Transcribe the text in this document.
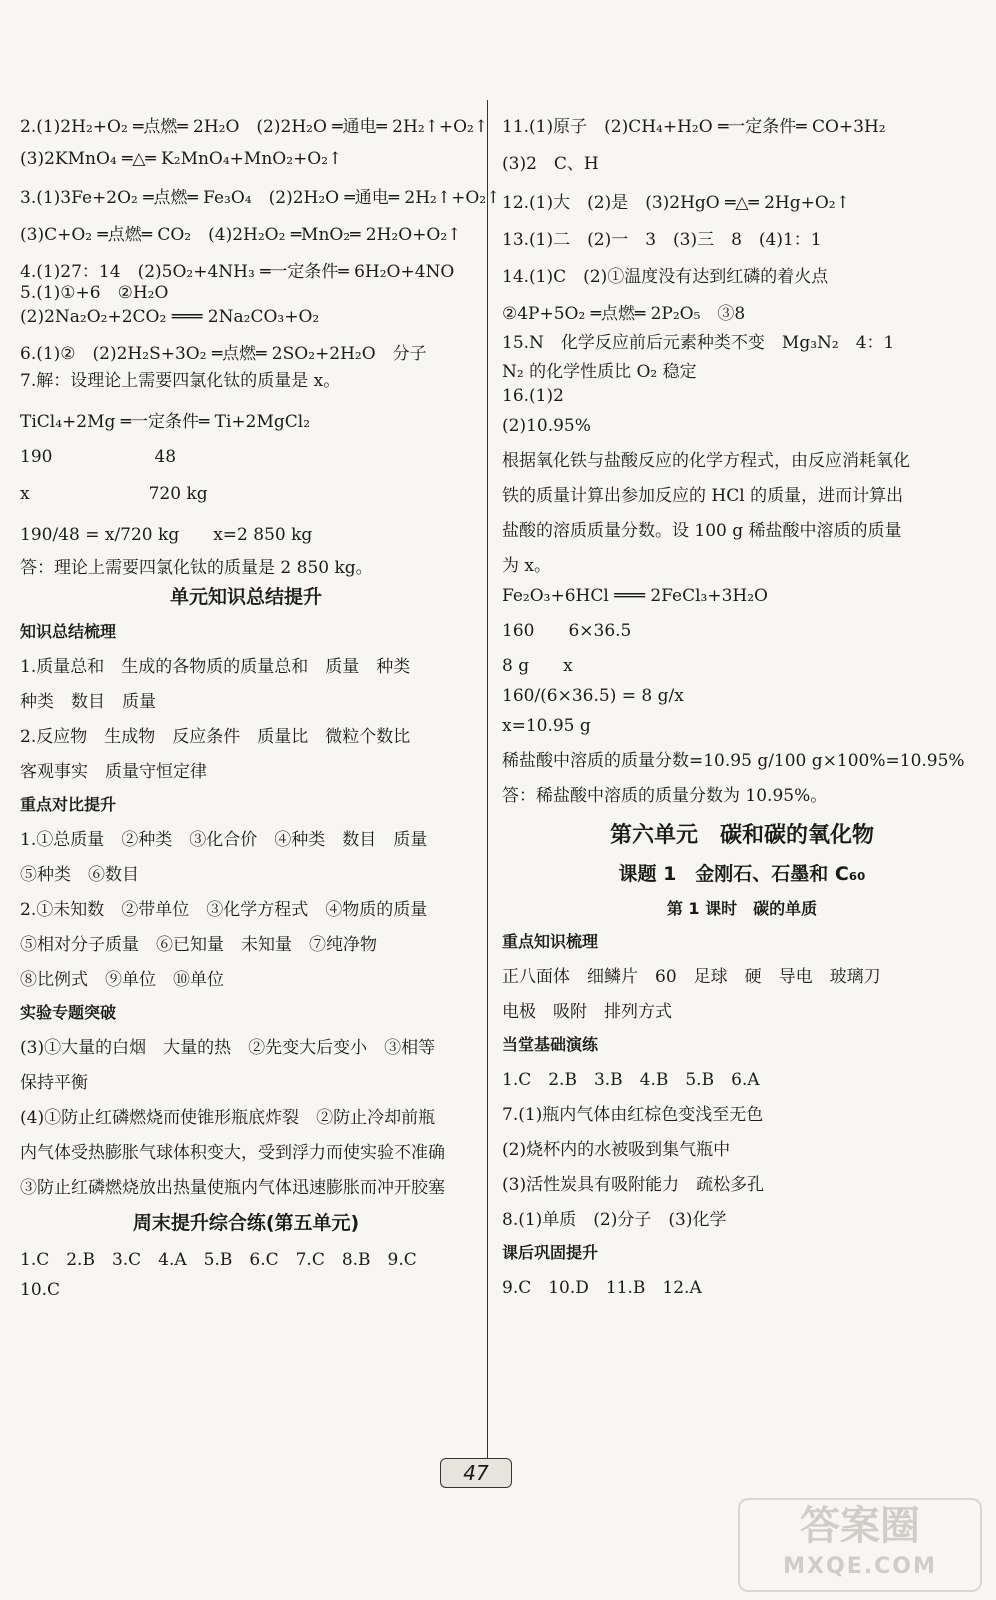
2.(1)2H₂+O₂ ═点燃═ 2H₂O　(2)2H₂O ═通电═ 2H₂↑+O₂↑
(3)2KMnO₄ ═△═ K₂MnO₄+MnO₂+O₂↑
3.(1)3Fe+2O₂ ═点燃═ Fe₃O₄　(2)2H₂O ═通电═ 2H₂↑+O₂↑
(3)C+O₂ ═点燃═ CO₂　(4)2H₂O₂ ═MnO₂═ 2H₂O+O₂↑
4.(1)27：14　(2)5O₂+4NH₃ ═一定条件═ 6H₂O+4NO
5.(1)①+6　②H₂O
(2)2Na₂O₂+2CO₂ ═══ 2Na₂CO₃+O₂
6.(1)②　(2)2H₂S+3O₂ ═点燃═ 2SO₂+2H₂O　分子
7.解：设理论上需要四氯化钛的质量是 x。
TiCl₄+2Mg ═一定条件═ Ti+2MgCl₂
190　　　　　　48
x　　　　　　　720 kg
190/48 = x/720 kg　　x=2 850 kg
答：理论上需要四氯化钛的质量是 2 850 kg。
单元知识总结提升
知识总结梳理
1.质量总和　生成的各物质的质量总和　质量　种类
种类　数目　质量
2.反应物　生成物　反应条件　质量比　微粒个数比
客观事实　质量守恒定律
重点对比提升
1.①总质量　②种类　③化合价　④种类　数目　质量
⑤种类　⑥数目
2.①未知数　②带单位　③化学方程式　④物质的质量
⑤相对分子质量　⑥已知量　未知量　⑦纯净物
⑧比例式　⑨单位　⑩单位
实验专题突破
(3)①大量的白烟　大量的热　②先变大后变小　③相等
保持平衡
(4)①防止红磷燃烧而使锥形瓶底炸裂　②防止冷却前瓶
内气体受热膨胀气球体积变大，受到浮力而使实验不准确
③防止红磷燃烧放出热量使瓶内气体迅速膨胀而冲开胶塞
周末提升综合练(第五单元)
1.C　2.B　3.C　4.A　5.B　6.C　7.C　8.B　9.C
10.C
11.(1)原子　(2)CH₄+H₂O ═一定条件═ CO+3H₂
(3)2　C、H
12.(1)大　(2)是　(3)2HgO ═△═ 2Hg+O₂↑
13.(1)二　(2)一　3　(3)三　8　(4)1：1
14.(1)C　(2)①温度没有达到红磷的着火点
②4P+5O₂ ═点燃═ 2P₂O₅　③8
15.N　化学反应前后元素种类不变　Mg₃N₂　4：1
N₂ 的化学性质比 O₂ 稳定
16.(1)2
(2)10.95%
根据氧化铁与盐酸反应的化学方程式，由反应消耗氧化
铁的质量计算出参加反应的 HCl 的质量，进而计算出
盐酸的溶质质量分数。设 100 g 稀盐酸中溶质的质量
为 x。
Fe₂O₃+6HCl ═══ 2FeCl₃+3H₂O
160　　6×36.5
8 g　　x
160/(6×36.5) = 8 g/x
x=10.95 g
稀盐酸中溶质的质量分数=10.95 g/100 g×100%=10.95%
答：稀盐酸中溶质的质量分数为 10.95%。
第六单元　碳和碳的氧化物
课题 1　金刚石、石墨和 C₆₀
第 1 课时　碳的单质
重点知识梳理
正八面体　细鳞片　60　足球　硬　导电　玻璃刀
电极　吸附　排列方式
当堂基础演练
1.C　2.B　3.B　4.B　5.B　6.A
7.(1)瓶内气体由红棕色变浅至无色
(2)烧杯内的水被吸到集气瓶中
(3)活性炭具有吸附能力　疏松多孔
8.(1)单质　(2)分子　(3)化学
课后巩固提升
9.C　10.D　11.B　12.A
47
答案圈
MXQE.COM
